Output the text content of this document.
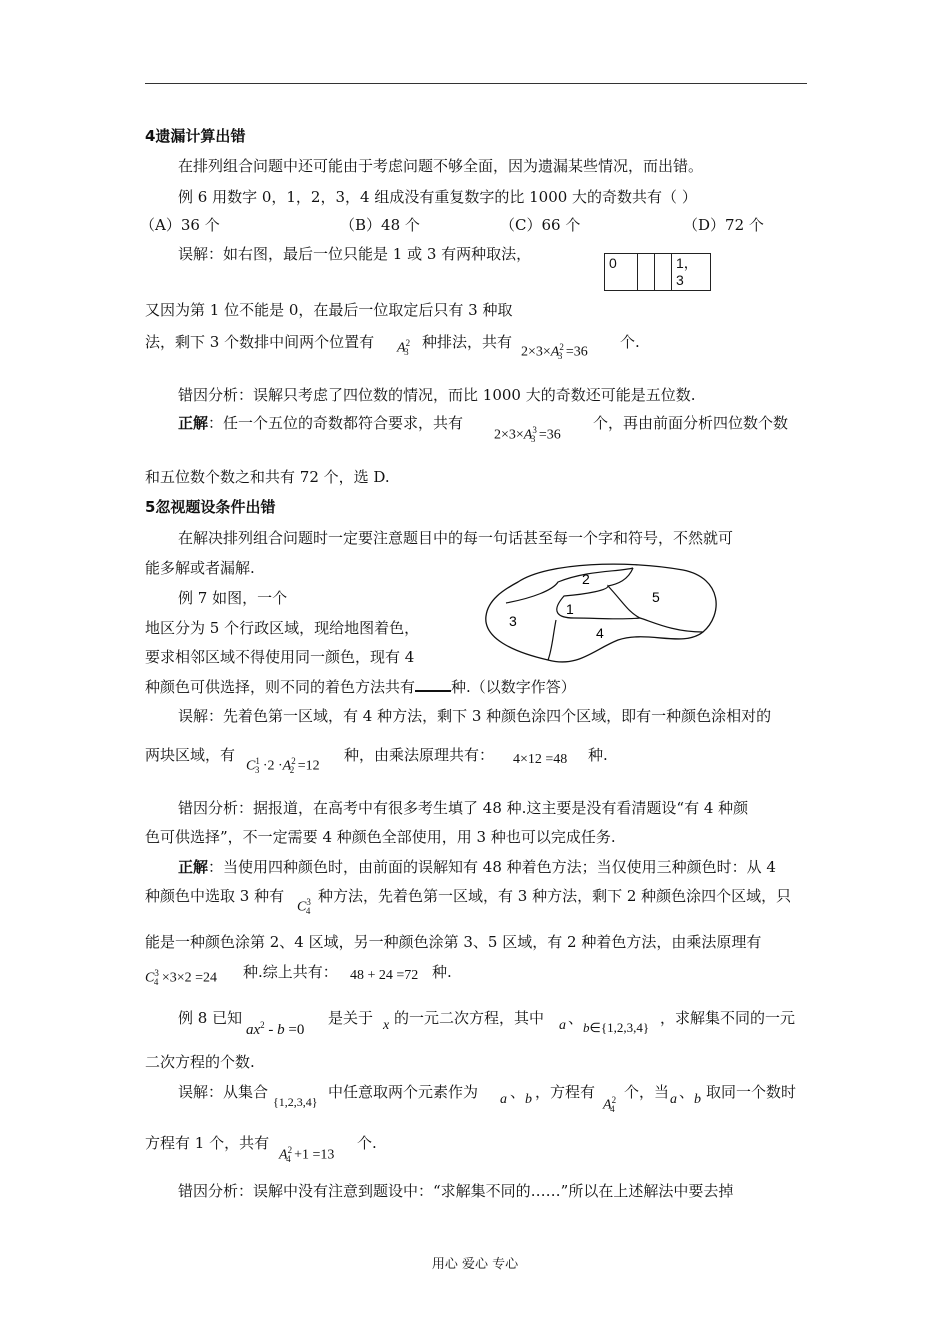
4遗漏计算出错
在排列组合问题中还可能由于考虑问题不够全面，因为遗漏某些情况，而出错。
例 6 用数字 0，1，2，3，4 组成没有重复数字的比 1000 大的奇数共有（ ）
（A）36 个	（B）48 个	（C）66 个	（D）72 个
误解：如右图，最后一位只能是 1 或 3 有两种取法，	0			1，
3
又因为第 1 位不能是 0，在最后一位取定后只有 3 种取
法，剩下 3 个数排中间两个位置有 $A^2_3$
种排法，共有
$2\times 3\times A^2_3 =36$
个.
错因分析：误解只考虑了四位数的情况，而比 1000 大的奇数还可能是五位数.
正解：任一个五位的奇数都符合要求，共有
$2\times 3\times A^3_3 =36$
个，再由前面分析四位数个数
和五位数个数之和共有 72 个，选 D.
5忽视题设条件出错
在解决排列组合问题时一定要注意题目中的每一句话甚至每一个字和符号，不然就可
能多解或者漏解.
例 7 如图，一个
地区分为 5 个行政区域，现给地图着色，
要求相邻区域不得使用同一颜色，现有 4
种颜色可供选择，则不同的着色方法共有 种.（以数字作答）
2
5
1
3
4
误解：先着色第一区域，有 4 种方法，剩下 3 种颜色涂四个区域，即有一种颜色涂相对的
两块区域，有
$C^1_3 \cdot 2 \cdot A^2_2 =12$
种，由乘法原理共有： 4×12 =48 种.
错因分析：据报道，在高考中有很多考生填了 48 种.这主要是没有看清题设“有 4 种颜
色可供选择”，不一定需要 4 种颜色全部使用，用 3 种也可以完成任务.
正解：当使用四种颜色时，由前面的误解知有 48 种着色方法；当仅使用三种颜色时：从 4
种颜色中选取 3 种有
$C^3_4$
种方法，先着色第一区域，有 3 种方法，剩下 2 种颜色涂四个区域，只
能是一种颜色涂第 2、4 区域，另一种颜色涂第 3、5 区域，有 2 种着色方法，由乘法原理有
$C^3_4 \times 3\times 2 =24$ 种.综上共有： 48 + 24 =72 种.
例 8 已知
$ax^2 - b =0$
是关于 x 的一元二次方程，其中 a 、
b∈{1,2,3,4}
，求解集不同的一元
二次方程的个数.
误解：从集合
{1,2,3,4}
中任意取两个元素作为 a 、 b ，方程有
$A^2_4$
个，当 a 、 b 取同一个数时
方程有 1 个，共有
$A^2_4 +1 =13$
个.
错因分析：误解中没有注意到题设中：“求解集不同的……”所以在上述解法中要去掉
用心 爱心 专心
